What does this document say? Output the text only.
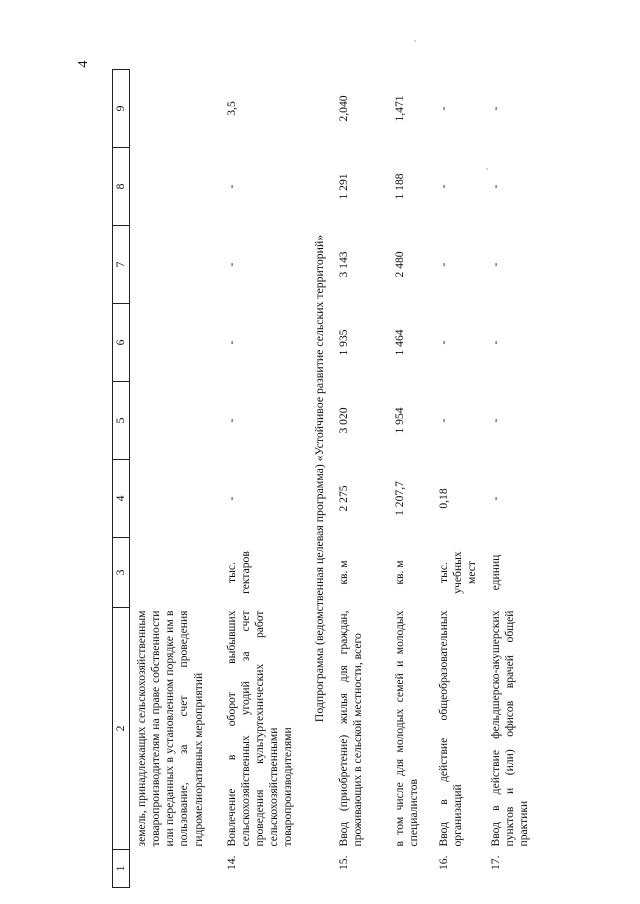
4
1	2	3	4	5	6	7	8	9
	земель, принадлежащих сельскохозяйственным товаропроизводителям на праве собственности или переданных в установленном порядке им в пользование, за счет проведения гидромелиоративных мероприятий							
14.	Вовлечение в оборот выбывших сельскохозяйственных угодий за счет проведения культуртехнических работ сельскохозяйственными товаропроизводителями	тыс. гектаров	-	-	-	-	-	3,5
Подпрограмма (ведомственная целевая программа) «Устойчивое развитие сельских территорий»								
15.	Ввод (приобретение) жилья для граждан, проживающих в сельской местности, всего	кв. м	2 275	3 020	1 935	3 143	1 291	2,040
	в том числе для молодых семей и молодых специалистов	кв. м	1 207,7	1 954	1 464	2 480	1 188	1,471
16.	Ввод в действие общеобразовательных организаций	тыс. учебных мест	0,18	-	-	-	-	-
17.	Ввод в действие фельдшерско-акушерских пунктов и (или) офисов врачей общей практики	единиц	-	-	-	-	-	-
